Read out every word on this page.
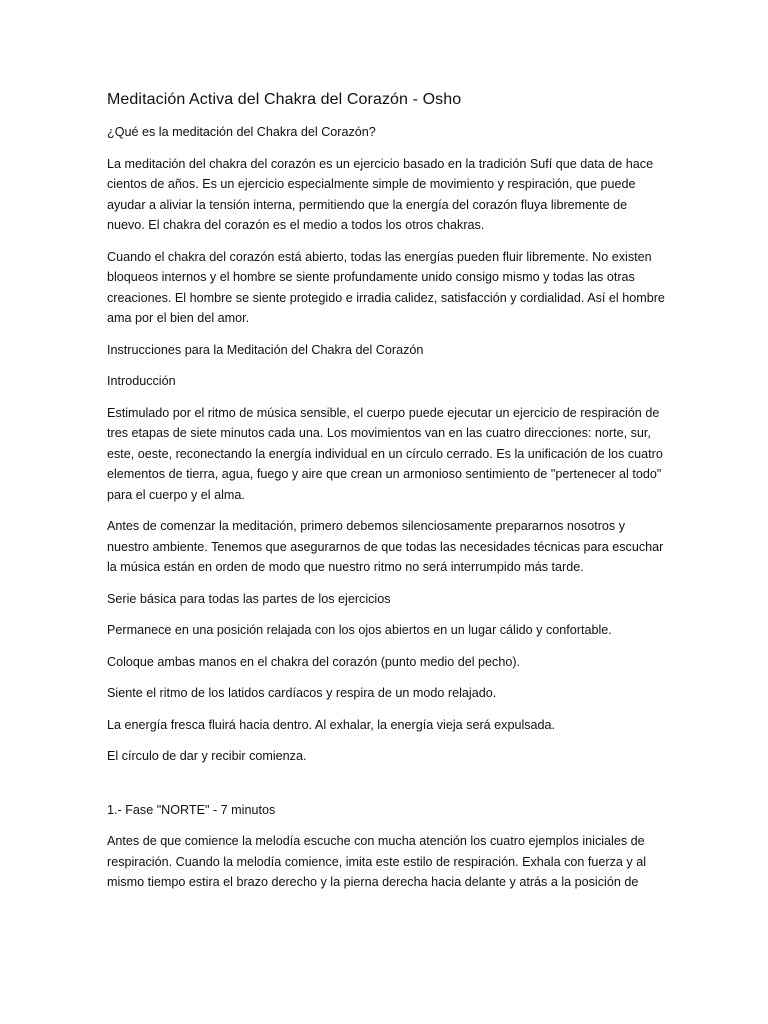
Meditación Activa del Chakra del Corazón - Osho

¿Qué es la meditación del Chakra del Corazón?

La meditación del chakra del corazón es un ejercicio basado en la tradición Sufí que data de hace cientos de años. Es un ejercicio especialmente simple de movimiento y respiración, que puede ayudar a aliviar la tensión interna, permitiendo que la energía del corazón fluya libremente de nuevo. El chakra del corazón es el medio a todos los otros chakras.

Cuando el chakra del corazón está abierto, todas las energías pueden fluir libremente. No existen bloqueos internos y el hombre se siente profundamente unido consigo mismo y todas las otras creaciones. El hombre se siente protegido e irradia calidez, satisfacción y cordialidad. Así el hombre ama por el bien del amor.

Instrucciones para la Meditación del Chakra del Corazón

Introducción

Estimulado por el ritmo de música sensible, el cuerpo puede ejecutar un ejercicio de respiración de tres etapas de siete minutos cada una. Los movimientos van en las cuatro direcciones: norte, sur, este, oeste, reconectando la energía individual en un círculo cerrado. Es la unificación de los cuatro elementos de tierra, agua, fuego y aire que crean un armonioso sentimiento de "pertenecer al todo" para el cuerpo y el alma.

Antes de comenzar la meditación, primero debemos silenciosamente prepararnos nosotros y nuestro ambiente. Tenemos que asegurarnos de que todas las necesidades técnicas para escuchar la música están en orden de modo que nuestro ritmo no será interrumpido más tarde.

Serie básica para todas las partes de los ejercicios

Permanece en una posición relajada con los ojos abiertos en un lugar cálido y confortable.

Coloque ambas manos en el chakra del corazón (punto medio del pecho).

Siente el ritmo de los latidos cardíacos y respira de un modo relajado.

La energía fresca fluirá hacia dentro. Al exhalar, la energía vieja será expulsada.

El círculo de dar y recibir comienza.

1.- Fase "NORTE" - 7 minutos

Antes de que comience la melodía escuche con mucha atención los cuatro ejemplos iniciales de respiración. Cuando la melodía comience, imita este estilo de respiración. Exhala con fuerza y al mismo tiempo estira el brazo derecho y la pierna derecha hacia delante y atrás a la posición de
